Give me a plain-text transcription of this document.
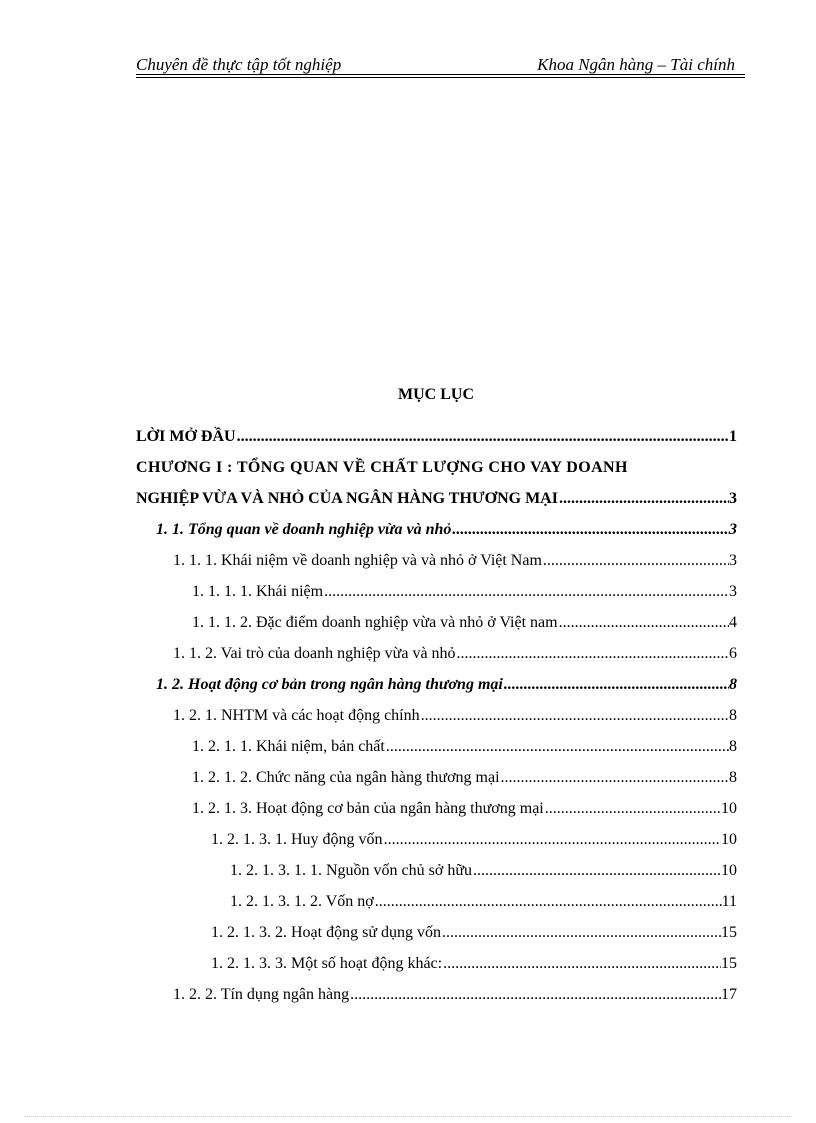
Chuyên đề thực tập tốt nghiệp	Khoa Ngân hàng – Tài chính
MỤC LỤC
LỜI MỞ ĐẦU .....	1
CHƯƠNG I : TỔNG QUAN VỀ CHẤT LƯỢNG CHO VAY DOANH
NGHIỆP VỪA VÀ NHỎ CỦA NGÂN HÀNG THƯƠNG MẠI .....	3
1. 1. Tổng quan về doanh nghiệp vừa và nhỏ .....	3
1. 1. 1. Khái niệm về doanh nghiệp và và nhỏ ở Việt Nam .....	3
1. 1. 1. 1. Khái niệm .....	3
1. 1. 1. 2. Đặc điểm doanh nghiệp vừa và nhỏ ở Việt nam .....	4
1. 1. 2. Vai trò của doanh nghiệp vừa và nhỏ .....	6
1. 2. Hoạt động cơ bản trong ngân hàng thương mại .....	8
1. 2. 1. NHTM và các hoạt động chính .....	8
1. 2. 1. 1. Khái niệm, bản chất .....	8
1. 2. 1. 2. Chức năng của ngân hàng thương mại .....	8
1. 2. 1. 3. Hoạt động cơ bản của ngân hàng thương mại .....	10
1. 2. 1. 3. 1. Huy động vốn .....	10
1. 2. 1. 3. 1. 1. Nguồn vốn chủ sở hữu .....	10
1. 2. 1. 3. 1. 2. Vốn nợ .....	11
1. 2. 1. 3. 2. Hoạt động sử dụng vốn .....	15
1. 2. 1. 3. 3. Một số hoạt động khác: .....	15
1. 2. 2. Tín dụng ngân hàng .....	17
